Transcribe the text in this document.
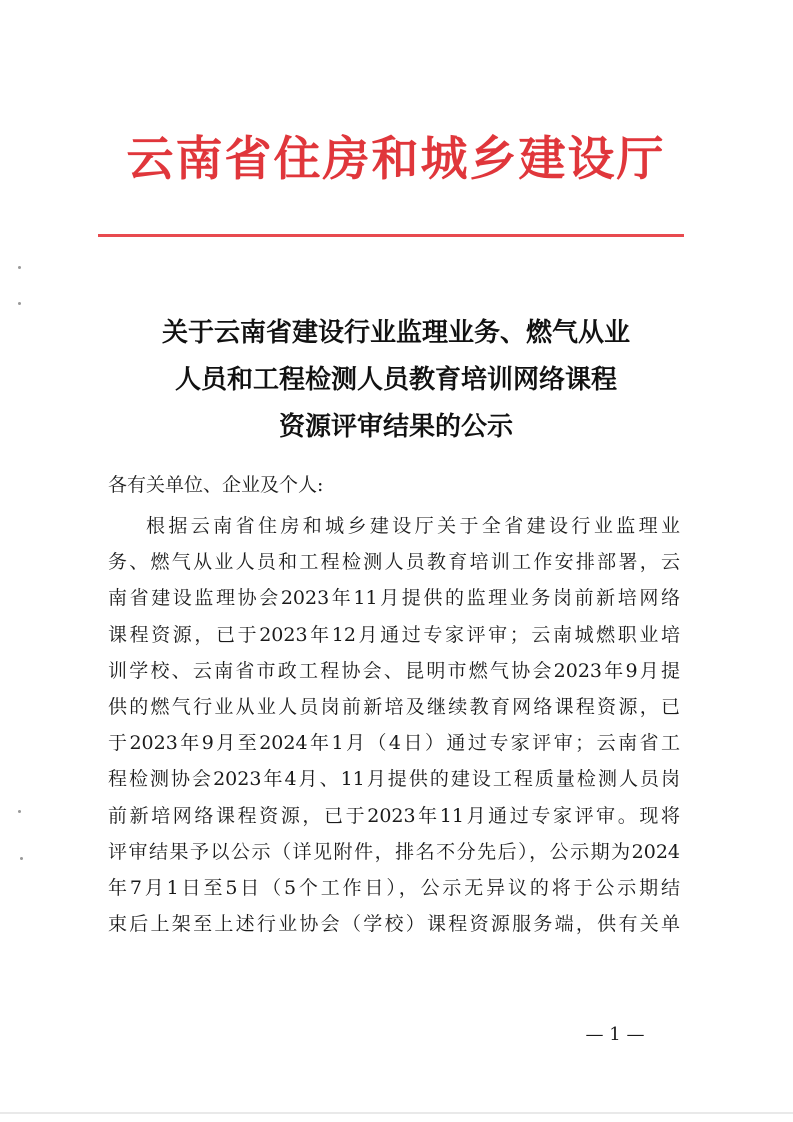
云南省住房和城乡建设厅
关于云南省建设行业监理业务、燃气从业
人员和工程检测人员教育培训网络课程
资源评审结果的公示

各有关单位、企业及个人:

根据云南省住房和城乡建设厅关于全省建设行业监理业
务、燃气从业人员和工程检测人员教育培训工作安排部署，云
南省建设监理协会2023年11月提供的监理业务岗前新培网络
课程资源，已于2023年12月通过专家评审；云南城燃职业培
训学校、云南省市政工程协会、昆明市燃气协会2023年9月提
供的燃气行业从业人员岗前新培及继续教育网络课程资源，已
于2023年9月至2024年1月（4日）通过专家评审；云南省工
程检测协会2023年4月、11月提供的建设工程质量检测人员岗
前新培网络课程资源，已于2023年11月通过专家评审。现将
评审结果予以公示（详见附件，排名不分先后），公示期为2024
年7月1日至5日（5个工作日），公示无异议的将于公示期结
束后上架至上述行业协会（学校）课程资源服务端，供有关单
— 1 —
